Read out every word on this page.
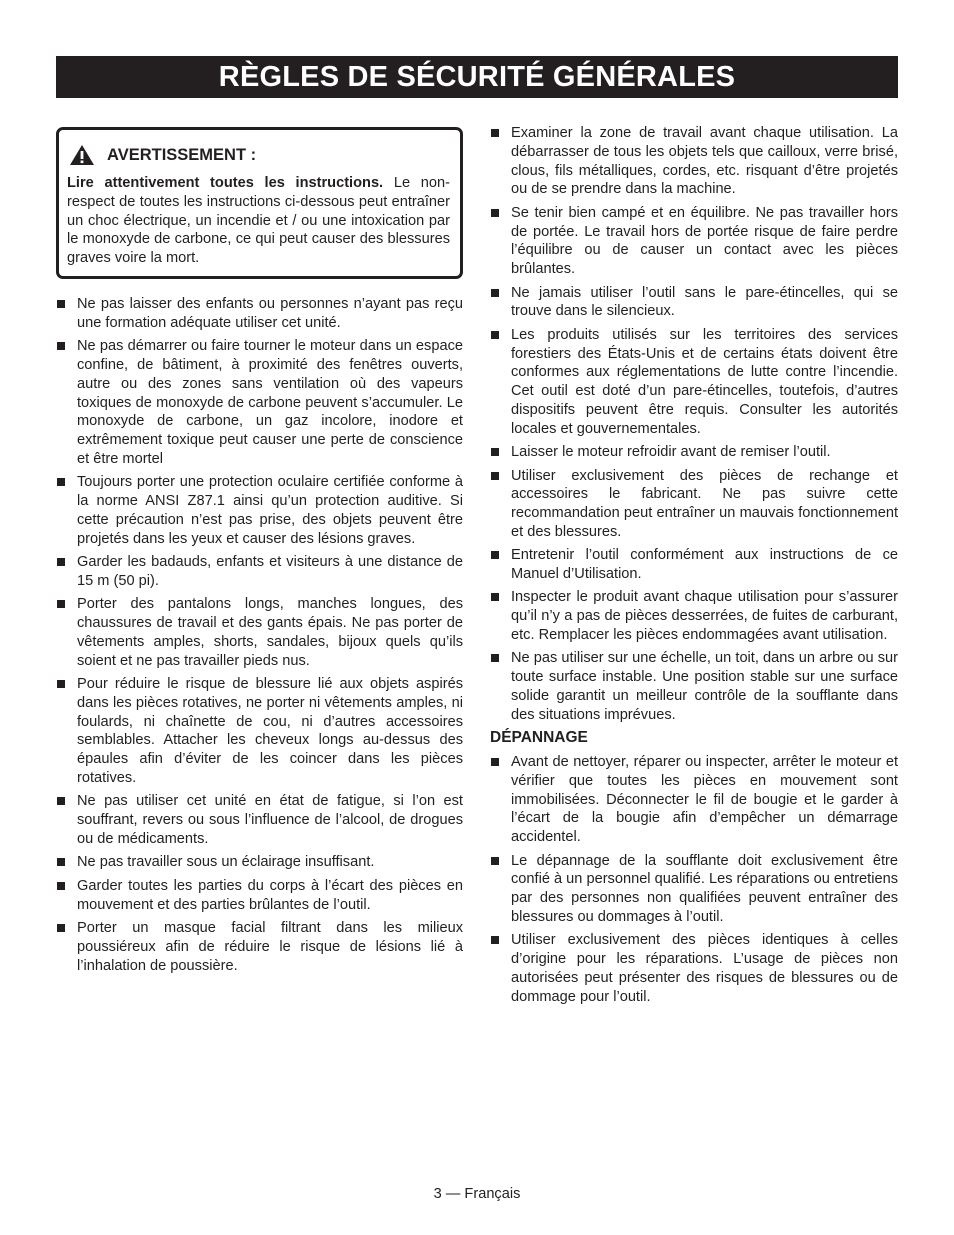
RÈGLES DE SÉCURITÉ GÉNÉRALES
AVERTISSEMENT :
Lire attentivement toutes les instructions. Le non-respect de toutes les instructions ci-dessous peut entraîner un choc électrique, un incendie et / ou une intoxication par le monoxyde de carbone, ce qui peut causer des blessures graves voire la mort.
Ne pas laisser des enfants ou personnes n’ayant pas reçu une formation adéquate utiliser cet unité.
Ne pas démarrer ou faire tourner le moteur dans un espace confine, de bâtiment, à proximité des fenêtres ouverts, autre ou des zones sans ventilation où des vapeurs toxiques de monoxyde de carbone peuvent s’accumuler. Le monoxyde de carbone, un gaz incolore, inodore et extrêmement toxique peut causer une perte de conscience et être mortel
Toujours porter une protection oculaire certifiée conforme à la norme ANSI Z87.1 ainsi qu’un protection auditive. Si cette précaution n’est pas prise, des objets peuvent être projetés dans les yeux et causer des lésions graves.
Garder les badauds, enfants et visiteurs à une distance de 15 m (50 pi).
Porter des pantalons longs, manches longues, des chaussures de travail et des gants épais. Ne pas porter de vêtements amples, shorts, sandales, bijoux quels qu’ils soient et ne pas travailler pieds nus.
Pour réduire le risque de blessure lié aux objets aspirés dans les pièces rotatives, ne porter ni vêtements amples, ni foulards, ni chaînette de cou, ni d’autres accessoires semblables. Attacher les cheveux longs au-dessus des épaules afin d’éviter de les coincer dans les pièces rotatives.
Ne pas utiliser cet unité en état de fatigue, si l’on est souffrant, revers ou sous l’influence de l’alcool, de drogues ou de médicaments.
Ne pas travailler sous un éclairage insuffisant.
Garder toutes les parties du corps à l’écart des pièces en mouvement et des parties brûlantes de l’outil.
Porter un masque facial filtrant dans les milieux poussiéreux afin de réduire le risque de lésions lié à l’inhalation de poussière.
Examiner la zone de travail avant chaque utilisation. La débarrasser de tous les objets tels que cailloux, verre brisé, clous, fils métalliques, cordes, etc. risquant d’être projetés ou de se prendre dans la machine.
Se tenir bien campé et en équilibre. Ne pas travailler hors de portée. Le travail hors de portée risque de faire perdre l’équilibre ou de causer un contact avec les pièces brûlantes.
Ne jamais utiliser l’outil sans le pare-étincelles, qui se trouve dans le silencieux.
Les produits utilisés sur les territoires des services forestiers des États-Unis et de certains états doivent être conformes aux réglementations de lutte contre l’incendie. Cet outil est doté d’un pare-étincelles, toutefois, d’autres dispositifs peuvent être requis. Consulter les autorités locales et gouvernementales.
Laisser le moteur refroidir avant de remiser l’outil.
Utiliser exclusivement des pièces de rechange et accessoires le fabricant. Ne pas suivre cette recommandation peut entraîner un mauvais fonctionnement et des blessures.
Entretenir l’outil conformément aux instructions de ce Manuel d’Utilisation.
Inspecter le produit avant chaque utilisation pour s’assurer qu’il n’y a pas de pièces desserrées, de fuites de carburant, etc. Remplacer les pièces endommagées avant utilisation.
Ne pas utiliser sur une échelle, un toit, dans un arbre ou sur toute surface instable. Une position stable sur une surface solide garantit un meilleur contrôle de la soufflante dans des situations imprévues.
DÉPANNAGE
Avant de nettoyer, réparer ou inspecter, arrêter le moteur et vérifier que toutes les pièces en mouvement sont immobilisées. Déconnecter le fil de bougie et le garder à l’écart de la bougie afin d’empêcher un démarrage accidentel.
Le dépannage de la soufflante doit exclusivement être confié à un personnel qualifié. Les réparations ou entretiens par des personnes non qualifiées peuvent entraîner des blessures ou dommages à l’outil.
Utiliser exclusivement des pièces identiques à celles d’origine pour les réparations. L’usage de pièces non autorisées peut présenter des risques de blessures ou de dommage pour l’outil.
3 — Français
